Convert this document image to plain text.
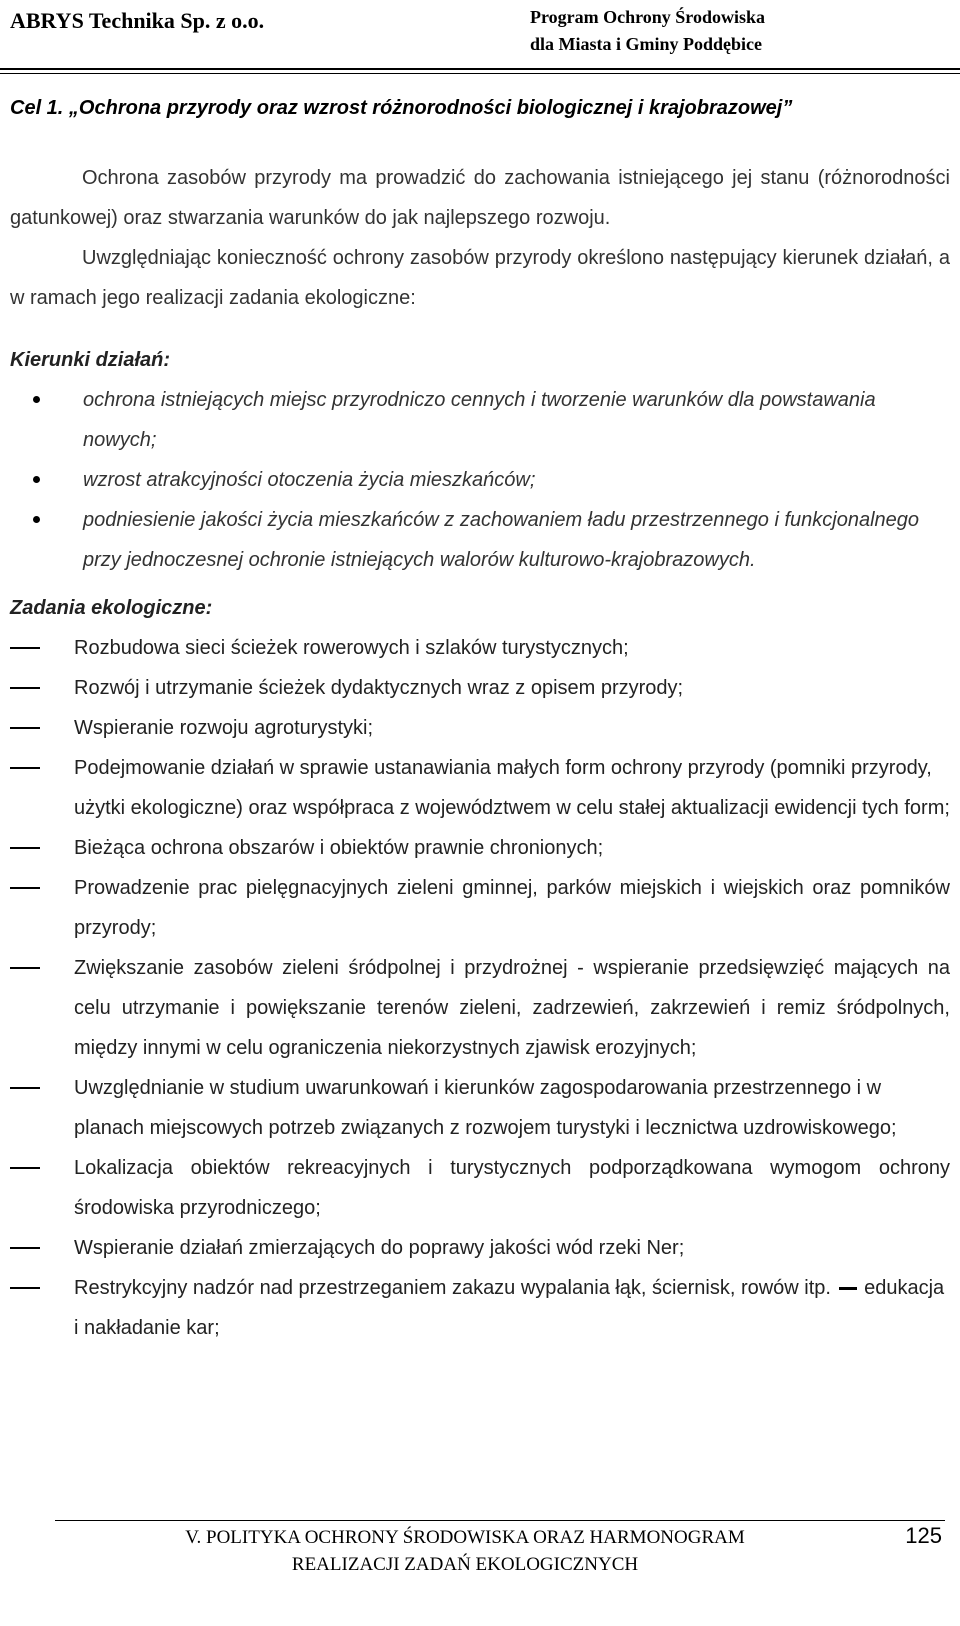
ABRYS Technika Sp. z o.o.	Program Ochrony Środowiska
dla Miasta i Gminy Poddębice
Cel 1. „Ochrona przyrody oraz wzrost różnorodności biologicznej i krajobrazowej”
Ochrona zasobów przyrody ma prowadzić do zachowania istniejącego jej stanu (różnorodności gatunkowej) oraz stwarzania warunków do jak najlepszego rozwoju.
Uwzględniając konieczność ochrony zasobów przyrody określono następujący kierunek działań, a w ramach jego realizacji zadania ekologiczne:
Kierunki działań:
ochrona istniejących miejsc przyrodniczo cennych i tworzenie warunków dla powstawania nowych;
wzrost atrakcyjności otoczenia życia mieszkańców;
podniesienie jakości życia mieszkańców z zachowaniem ładu przestrzennego i funkcjonalnego przy jednoczesnej ochronie istniejących walorów kulturowo-krajobrazowych.
Zadania ekologiczne:
Rozbudowa sieci ścieżek rowerowych i szlaków turystycznych;
Rozwój i utrzymanie ścieżek dydaktycznych wraz z opisem przyrody;
Wspieranie rozwoju agroturystyki;
Podejmowanie działań w sprawie ustanawiania małych form ochrony przyrody (pomniki przyrody, użytki ekologiczne) oraz współpraca z województwem w celu stałej aktualizacji ewidencji tych form;
Bieżąca ochrona obszarów i obiektów prawnie chronionych;
Prowadzenie prac pielęgnacyjnych zieleni gminnej, parków miejskich i wiejskich oraz pomników przyrody;
Zwiększanie zasobów zieleni śródpolnej i przydrożnej - wspieranie przedsięwzięć mających na celu utrzymanie i powiększanie terenów zieleni, zadrzewień, zakrzewień i remiz śródpolnych, między innymi w celu ograniczenia niekorzystnych zjawisk erozyjnych;
Uwzględnianie w studium uwarunkowań i kierunków zagospodarowania przestrzennego i w planach miejscowych potrzeb związanych z rozwojem turystyki i lecznictwa uzdrowiskowego;
Lokalizacja obiektów rekreacyjnych i turystycznych podporządkowana wymogom ochrony środowiska przyrodniczego;
Wspieranie działań zmierzających do poprawy jakości wód rzeki Ner;
Restrykcyjny nadzór nad przestrzeganiem zakazu wypalania łąk, ściernisk, rowów itp. edukacja i nakładanie kar;
V. POLITYKA OCHRONY ŚRODOWISKA ORAZ HARMONOGRAM
REALIZACJI ZADAŃ EKOLOGICZNYCH
125
